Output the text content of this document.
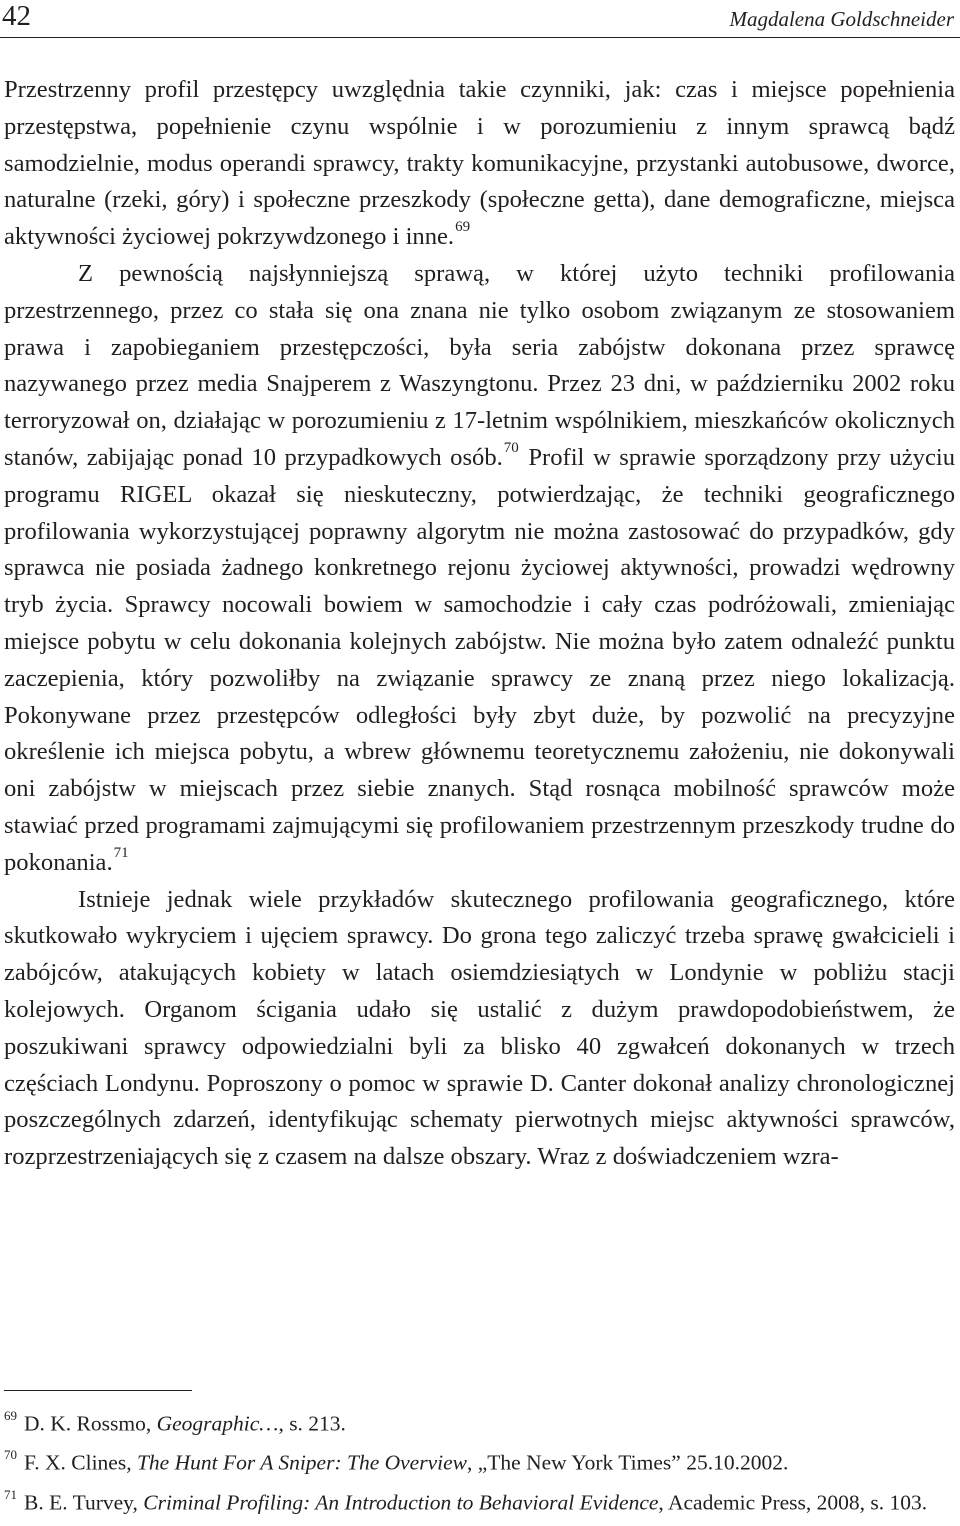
42	Magdalena Goldschneider

Przestrzenny profil przestępcy uwzględnia takie czynniki, jak: czas i miejsce popełnienia przestępstwa, popełnienie czynu wspólnie i w porozumieniu z innym sprawcą bądź samodzielnie, modus operandi sprawcy, trakty komunikacyjne, przystanki autobusowe, dworce, naturalne (rzeki, góry) i społeczne przeszkody (społeczne getta), dane demograficzne, miejsca aktywności życiowej pokrzywdzonego i inne.$^{69}$

Z pewnością najsłynniejszą sprawą, w której użyto techniki profilowania przestrzennego, przez co stała się ona znana nie tylko osobom związanym ze stosowaniem prawa i zapobieganiem przestępczości, była seria zabójstw dokonana przez sprawcę nazywanego przez media Snajperem z Waszyngtonu. Przez 23 dni, w październiku 2002 roku terroryzował on, działając w porozumieniu z 17-letnim wspólnikiem, mieszkańców okolicznych stanów, zabijając ponad 10 przypadkowych osób.$^{70}$ Profil w sprawie sporządzony przy użyciu programu RIGEL okazał się nieskuteczny, potwierdzając, że techniki geograficznego profilowania wykorzystującej poprawny algorytm nie można zastosować do przypadków, gdy sprawca nie posiada żadnego konkretnego rejonu życiowej aktywności, prowadzi wędrowny tryb życia. Sprawcy nocowali bowiem w samochodzie i cały czas podróżowali, zmieniając miejsce pobytu w celu dokonania kolejnych zabójstw. Nie można było zatem odnaleźć punktu zaczepienia, który pozwoliłby na związanie sprawcy ze znaną przez niego lokalizacją. Pokonywane przez przestępców odległości były zbyt duże, by pozwolić na precyzyjne określenie ich miejsca pobytu, a wbrew głównemu teoretycznemu założeniu, nie dokonywali oni zabójstw w miejscach przez siebie znanych. Stąd rosnąca mobilność sprawców może stawiać przed programami zajmującymi się profilowaniem przestrzennym przeszkody trudne do pokonania.$^{71}$

Istnieje jednak wiele przykładów skutecznego profilowania geograficznego, które skutkowało wykryciem i ujęciem sprawcy. Do grona tego zaliczyć trzeba sprawę gwałcicieli i zabójców, atakujących kobiety w latach osiemdziesiątych w Londynie w pobliżu stacji kolejowych. Organom ścigania udało się ustalić z dużym prawdopodobieństwem, że poszukiwani sprawcy odpowiedzialni byli za blisko 40 zgwałceń dokonanych w trzech częściach Londynu. Poproszony o pomoc w sprawie D. Canter dokonał analizy chronologicznej poszczególnych zdarzeń, identyfikując schematy pierwotnych miejsc aktywności sprawców, rozprzestrzeniających się z czasem na dalsze obszary. Wraz z doświadczeniem wzra-

69 D. K. Rossmo, Geographic…, s. 213.

70 F. X. Clines, The Hunt For A Sniper: The Overview, „The New York Times” 25.10.2002.

71 B. E. Turvey, Criminal Profiling: An Introduction to Behavioral Evidence, Academic Press, 2008, s. 103.
